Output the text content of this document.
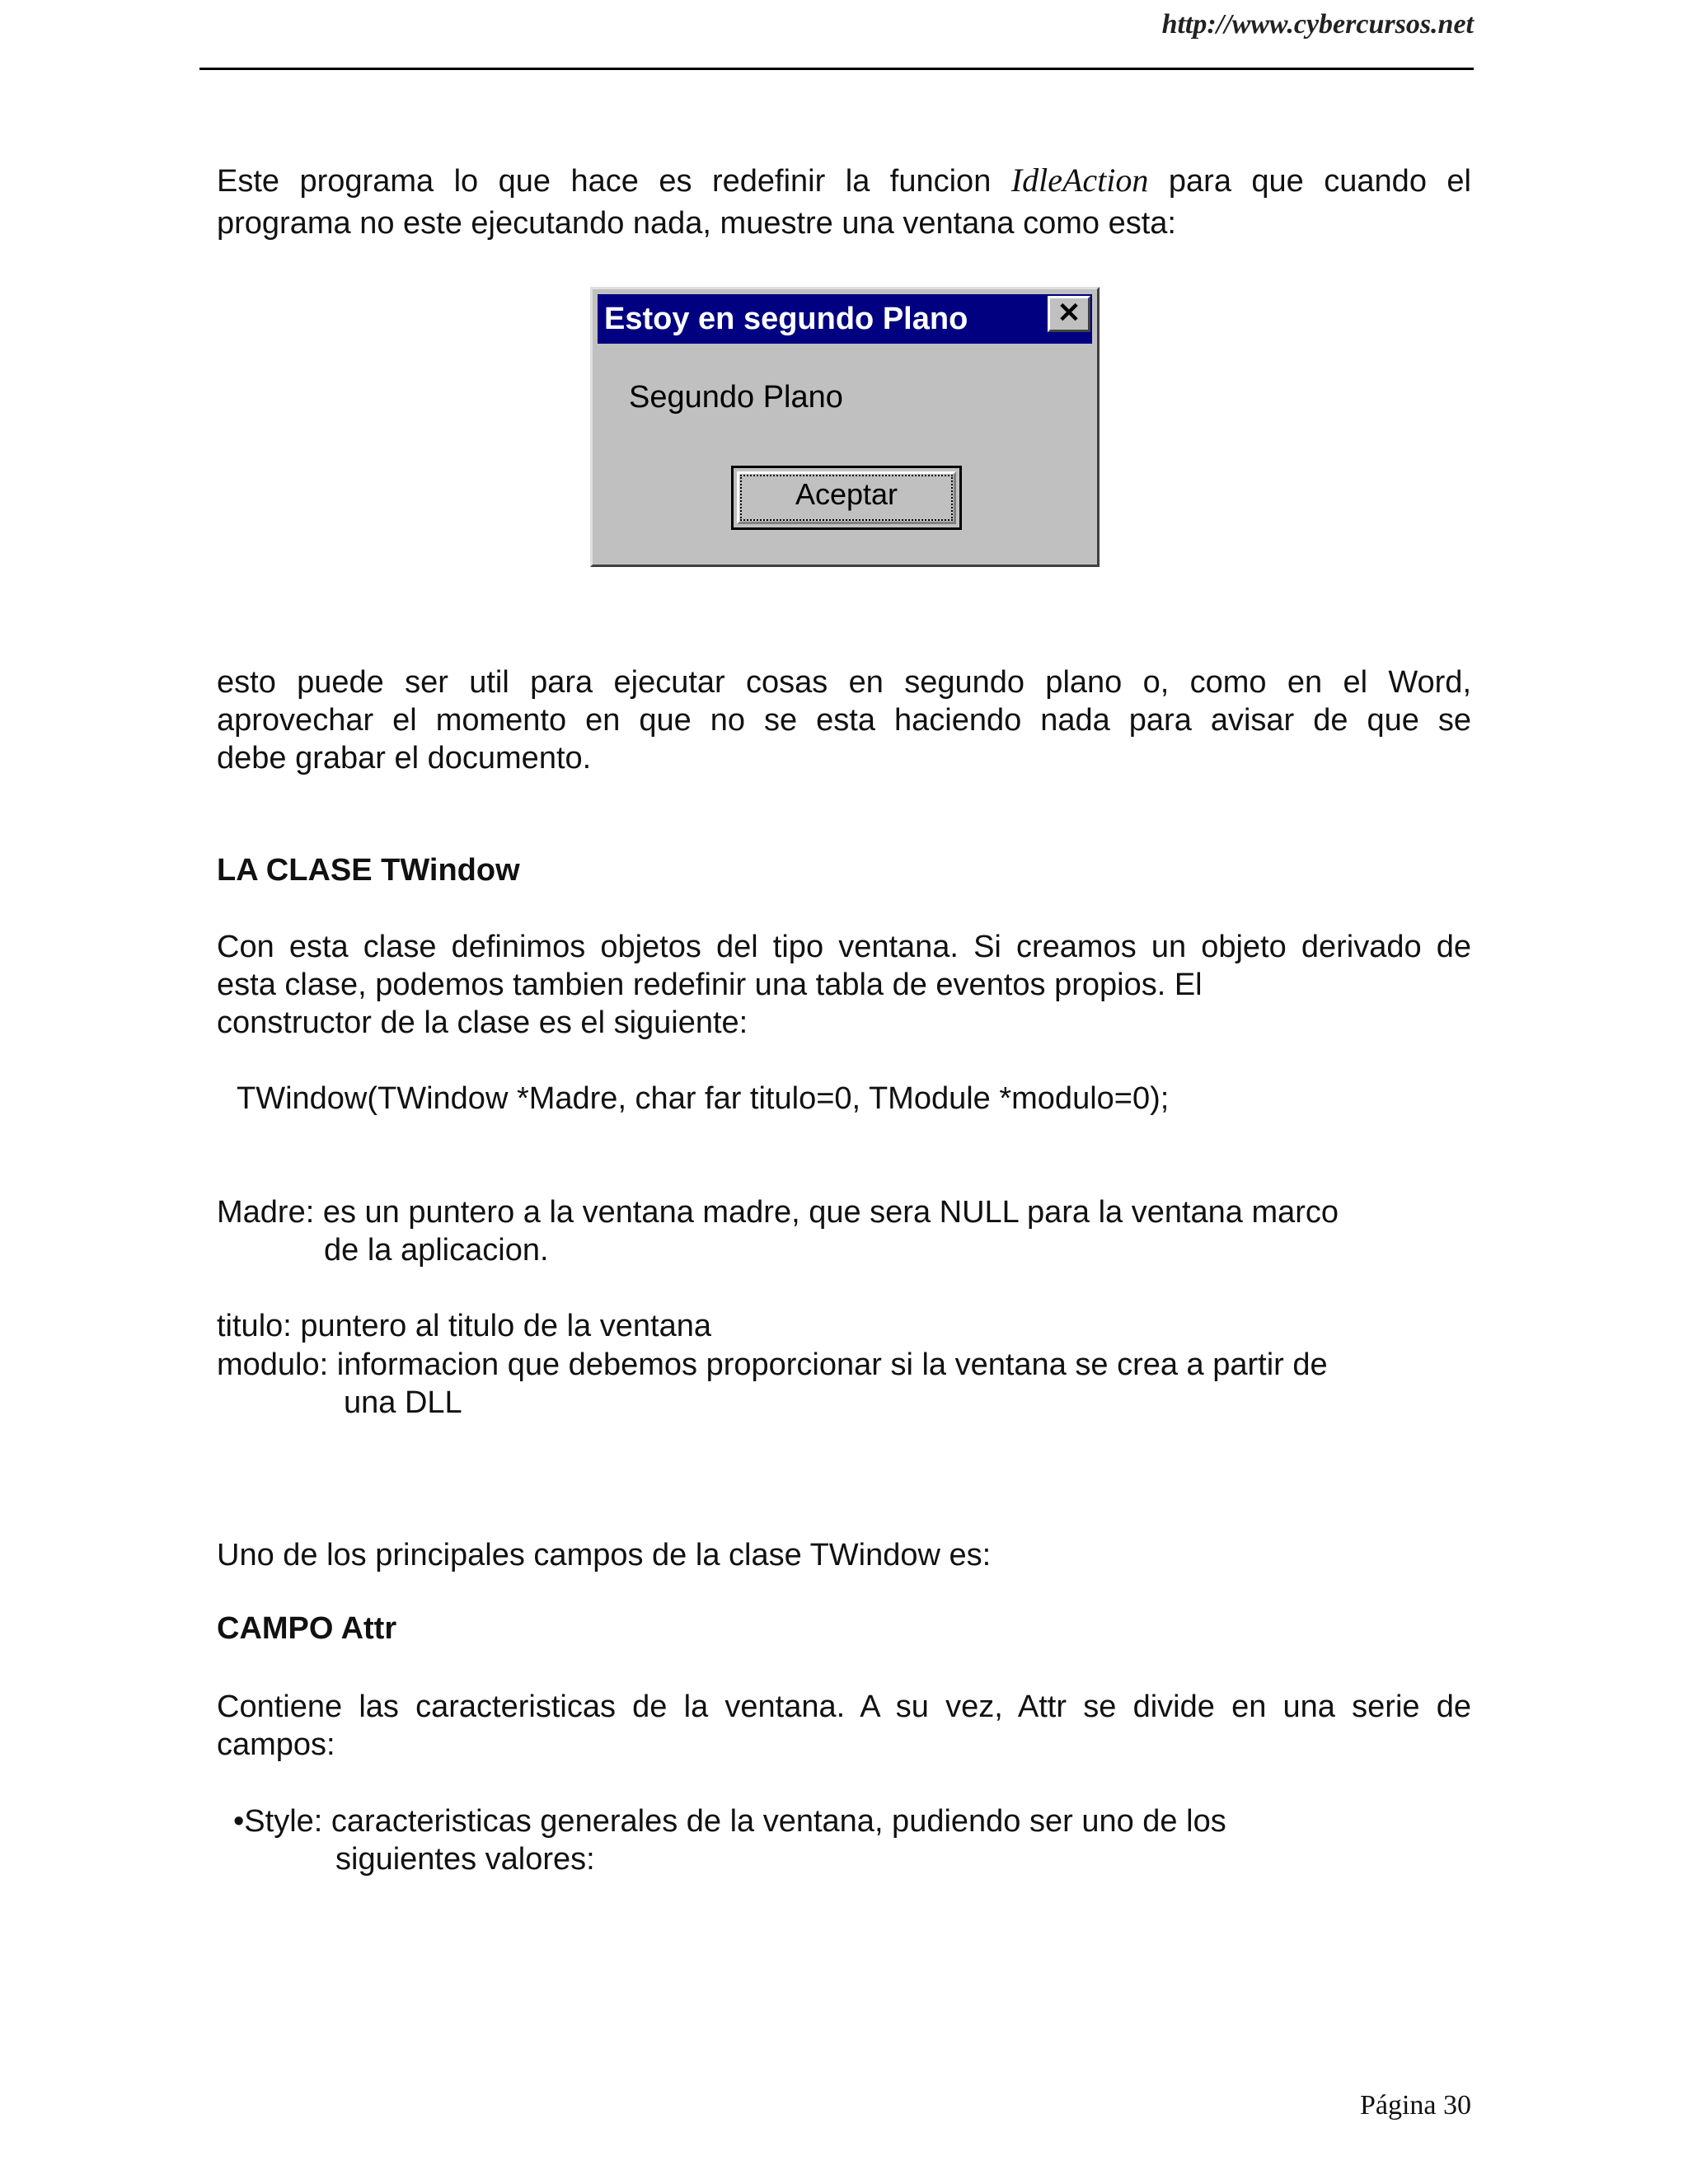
http://www.cybercursos.net
Este programa lo que hace es redefinir la funcion IdleAction para que cuando el
programa no este ejecutando nada, muestre una ventana como esta:
Estoy en segundo Plano	✕
Segundo Plano
Aceptar
esto puede ser util para ejecutar cosas en segundo plano o, como en el Word,
aprovechar el momento en que no se esta haciendo nada para avisar de que se
debe grabar el documento.
LA CLASE TWindow
Con esta clase definimos objetos del tipo ventana. Si creamos un objeto derivado de
esta clase, podemos tambien redefinir una tabla de eventos propios. El
constructor de la clase es el siguiente:
TWindow(TWindow *Madre, char far titulo=0, TModule *modulo=0);
Madre: es un puntero a la ventana madre, que sera NULL para la ventana marco
de la aplicacion.
titulo: puntero al titulo de la ventana
modulo: informacion que debemos proporcionar si la ventana se crea a partir de
una DLL
Uno de los principales campos de la clase TWindow es:
CAMPO Attr
Contiene las caracteristicas de la ventana. A su vez, Attr se divide en una serie de
campos:
•Style: caracteristicas generales de la ventana, pudiendo ser uno de los
siguientes valores:
Página 30
